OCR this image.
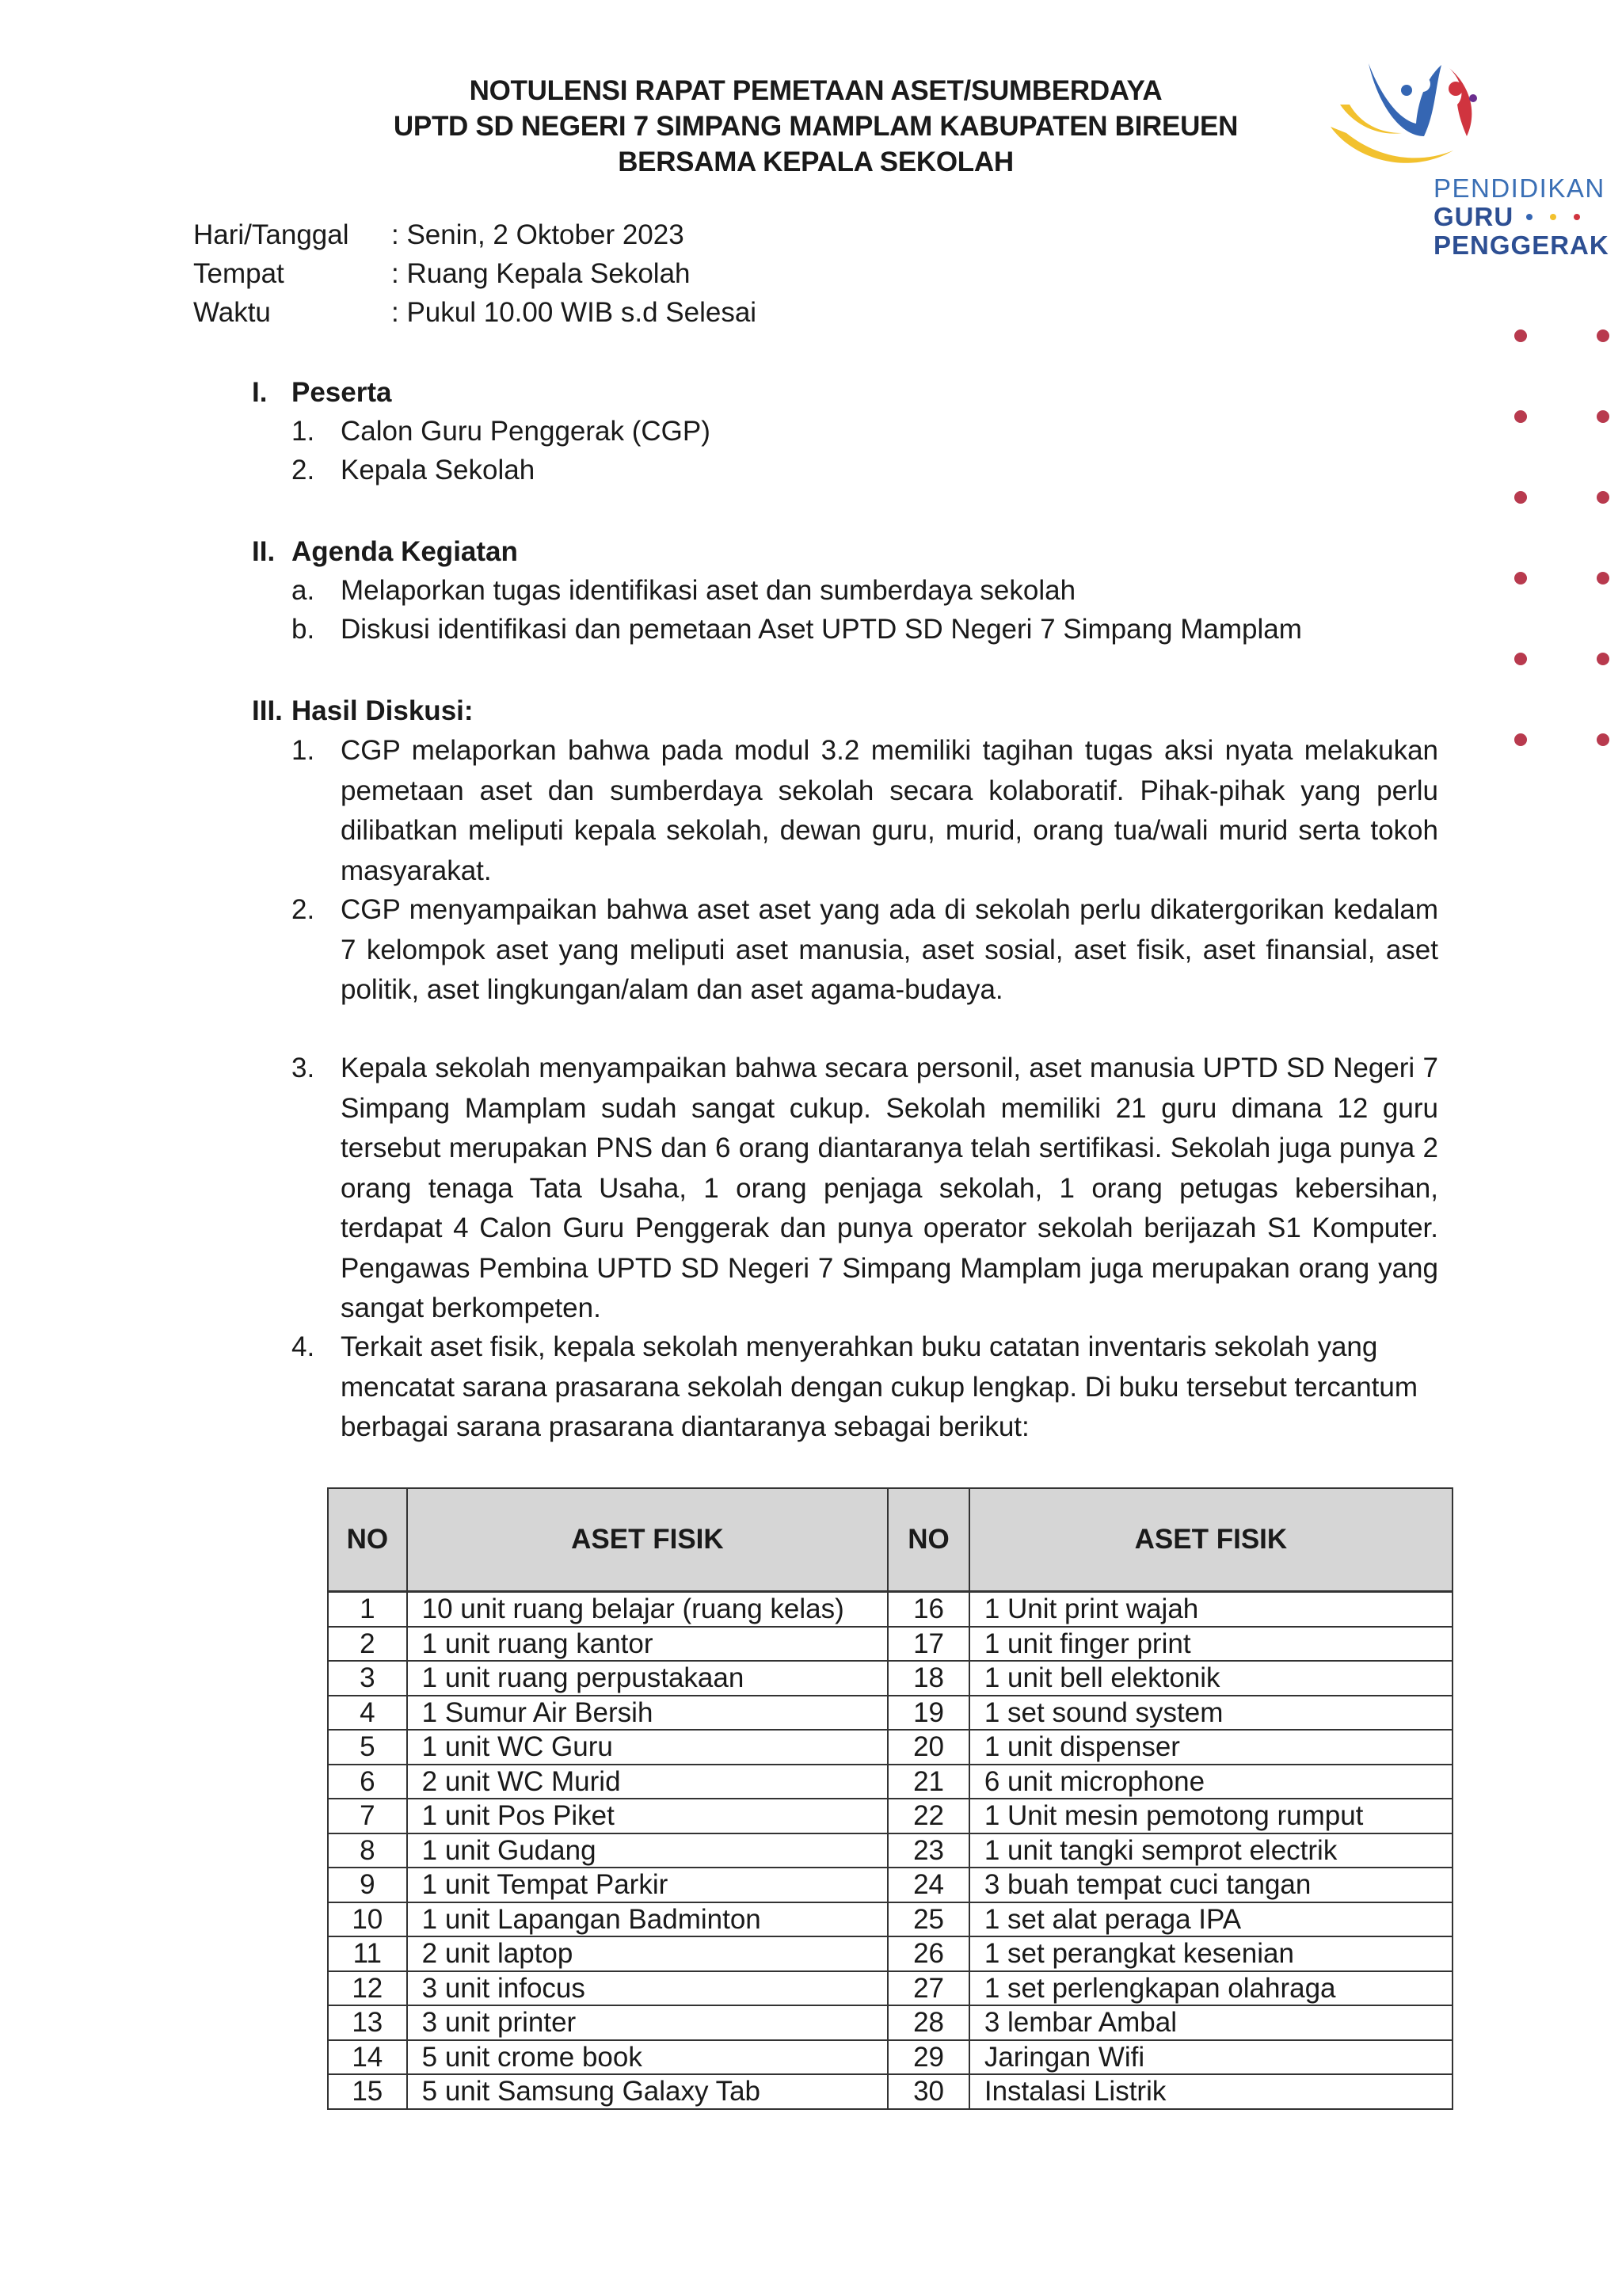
NOTULENSI RAPAT PEMETAAN ASET/SUMBERDAYA
UPTD SD NEGERI 7 SIMPANG MAMPLAM KABUPATEN BIREUEN
BERSAMA KEPALA SEKOLAH
PENDIDIKAN
GURU
PENGGERAK
Hari/Tanggal	: Senin, 2 Oktober 2023
Tempat	: Ruang Kepala Sekolah
Waktu	: Pukul 10.00 WIB s.d Selesai
I. Peserta
1. Calon Guru Penggerak (CGP)
2. Kepala Sekolah
II. Agenda Kegiatan
a. Melaporkan tugas identifikasi aset dan sumberdaya sekolah
b. Diskusi identifikasi dan pemetaan Aset UPTD SD Negeri 7 Simpang Mamplam
III. Hasil Diskusi:
1. CGP melaporkan bahwa pada modul 3.2 memiliki tagihan tugas aksi nyata melakukan pemetaan aset dan sumberdaya sekolah secara kolaboratif. Pihak-pihak yang perlu dilibatkan meliputi kepala sekolah, dewan guru, murid, orang tua/wali murid serta tokoh masyarakat.
2. CGP menyampaikan bahwa aset aset yang ada di sekolah perlu dikatergorikan kedalam 7 kelompok aset yang meliputi aset manusia, aset sosial, aset fisik, aset finansial, aset politik, aset lingkungan/alam dan aset agama-budaya.
3. Kepala sekolah menyampaikan bahwa secara personil, aset manusia UPTD SD Negeri 7 Simpang Mamplam sudah sangat cukup. Sekolah memiliki 21 guru dimana 12 guru tersebut merupakan PNS dan 6 orang diantaranya telah sertifikasi. Sekolah juga punya 2 orang tenaga Tata Usaha, 1 orang penjaga sekolah, 1 orang petugas kebersihan, terdapat 4 Calon Guru Penggerak dan punya operator sekolah berijazah S1 Komputer. Pengawas Pembina UPTD SD Negeri 7 Simpang Mamplam juga merupakan orang yang sangat berkompeten.
4. Terkait aset fisik, kepala sekolah menyerahkan buku catatan inventaris sekolah yang mencatat sarana prasarana sekolah dengan cukup lengkap. Di buku tersebut tercantum berbagai sarana prasarana diantaranya sebagai berikut:
NO	ASET FISIK	NO	ASET FISIK
1	10 unit ruang belajar (ruang kelas)	16	1 Unit print wajah
2	1 unit ruang kantor	17	1 unit finger print
3	1 unit ruang perpustakaan	18	1 unit bell elektonik
4	1 Sumur Air Bersih	19	1 set sound system
5	1 unit WC Guru	20	1 unit dispenser
6	2 unit WC Murid	21	6 unit microphone
7	1 unit Pos Piket	22	1 Unit mesin pemotong rumput
8	1 unit Gudang	23	1 unit tangki semprot electrik
9	1 unit Tempat Parkir	24	3 buah tempat cuci tangan
10	1 unit Lapangan Badminton	25	1 set alat peraga IPA
11	2 unit laptop	26	1 set perangkat kesenian
12	3 unit infocus	27	1 set perlengkapan olahraga
13	3 unit printer	28	3 lembar Ambal
14	5 unit crome book	29	Jaringan Wifi
15	5 unit Samsung Galaxy Tab	30	Instalasi Listrik
